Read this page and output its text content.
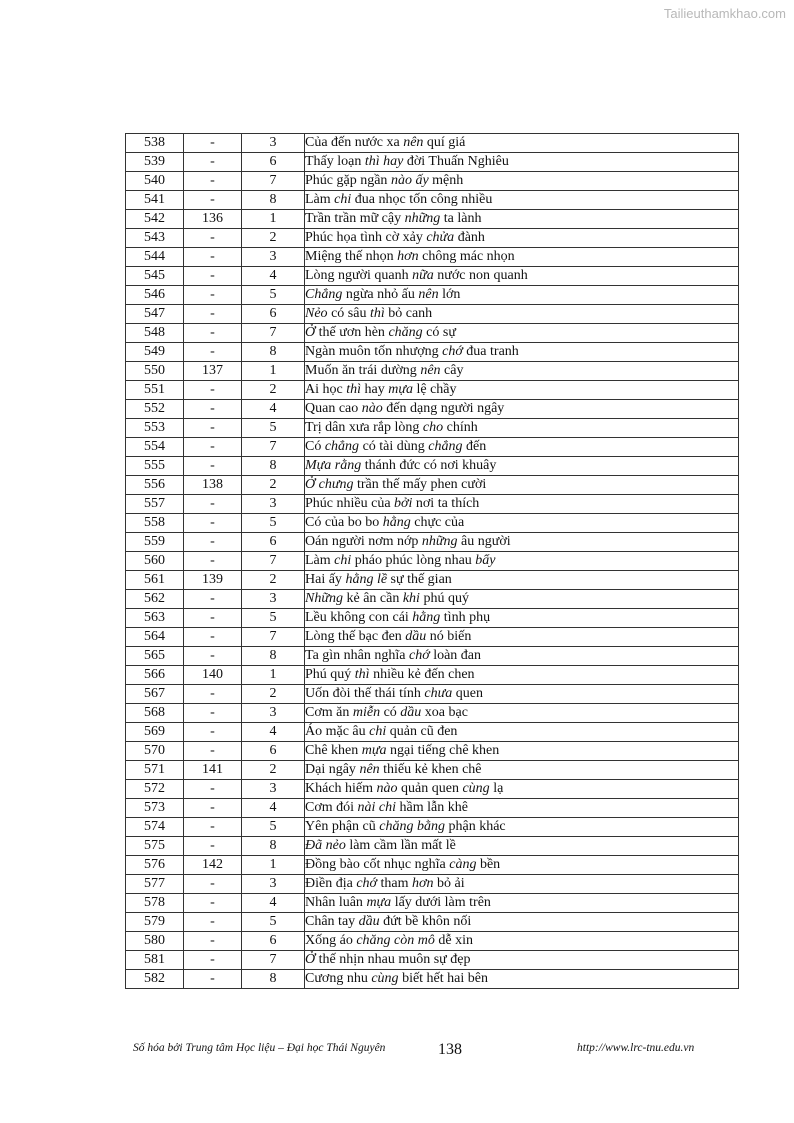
Tailieuthamkhao.com
538	-	3	Của đến nước xa nên quí giá
539	-	6	Thấy loạn thì hay đời Thuấn Nghiêu
540	-	7	Phúc gặp ngần nào ấy mệnh
541	-	8	Làm chi đua nhọc tốn công nhiều
542	136	1	Trần trần mữ cậy những ta lành
543	-	2	Phúc họa tình cờ xảy chửa đành
544	-	3	Miệng thế nhọn hơn chông mác nhọn
545	-	4	Lòng người quanh nữa nước non quanh
546	-	5	Chẳng ngừa nhỏ ấu nên lớn
547	-	6	Nẻo có sâu thì bỏ canh
548	-	7	Ở thế ươn hèn chăng có sự
549	-	8	Ngàn muôn tốn nhượng chớ đua tranh
550	137	1	Muốn ăn trái dường nên cây
551	-	2	Ai học thì hay mựa lệ chầy
552	-	4	Quan cao nào đến dạng người ngây
553	-	5	Trị dân xưa rắp lòng cho chính
554	-	7	Có chẳng có tài dùng chẳng đến
555	-	8	Mựa rằng thánh đức có nơi khuây
556	138	2	Ở chưng trần thế mấy phen cười
557	-	3	Phúc nhiều của bởi nơi ta thích
558	-	5	Có của bo bo hằng chực của
559	-	6	Oán người nơm nớp những âu người
560	-	7	Làm chi pháo phúc lòng nhau bẩy
561	139	2	Hai ấy hằng lề sự thế gian
562	-	3	Những kẻ ân cần khi phú quý
563	-	5	Lều không con cái hằng tình phụ
564	-	7	Lòng thế bạc đen dầu nó biến
565	-	8	Ta gìn nhân nghĩa chớ loàn đan
566	140	1	Phú quý thì nhiều kẻ đến chen
567	-	2	Uốn đòi thế thái tính chưa quen
568	-	3	Cơm ăn miễn có dầu xoa bạc
569	-	4	Áo mặc âu chi quản cũ đen
570	-	6	Chê khen mựa ngại tiếng chê khen
571	141	2	Dại ngây nên thiếu kẻ khen chê
572	-	3	Khách hiếm nào quản quen cùng lạ
573	-	4	Cơm đói nài chi hầm lẫn khê
574	-	5	Yên phận cũ chăng bằng phận khác
575	-	8	Đã nẻo làm cầm lần mất lề
576	142	1	Đồng bào cốt nhục nghĩa càng bền
577	-	3	Điền địa chớ tham hơn bỏ ải
578	-	4	Nhân luân mựa lấy dưới làm trên
579	-	5	Chân tay dầu đứt bề khôn nối
580	-	6	Xống áo chăng còn mô dễ xin
581	-	7	Ở thế nhịn nhau muôn sự đẹp
582	-	8	Cương nhu cùng biết hết hai bên
Số hóa bởi Trung tâm Học liệu – Đại học Thái Nguyên	138	http://www.lrc-tnu.edu.vn
